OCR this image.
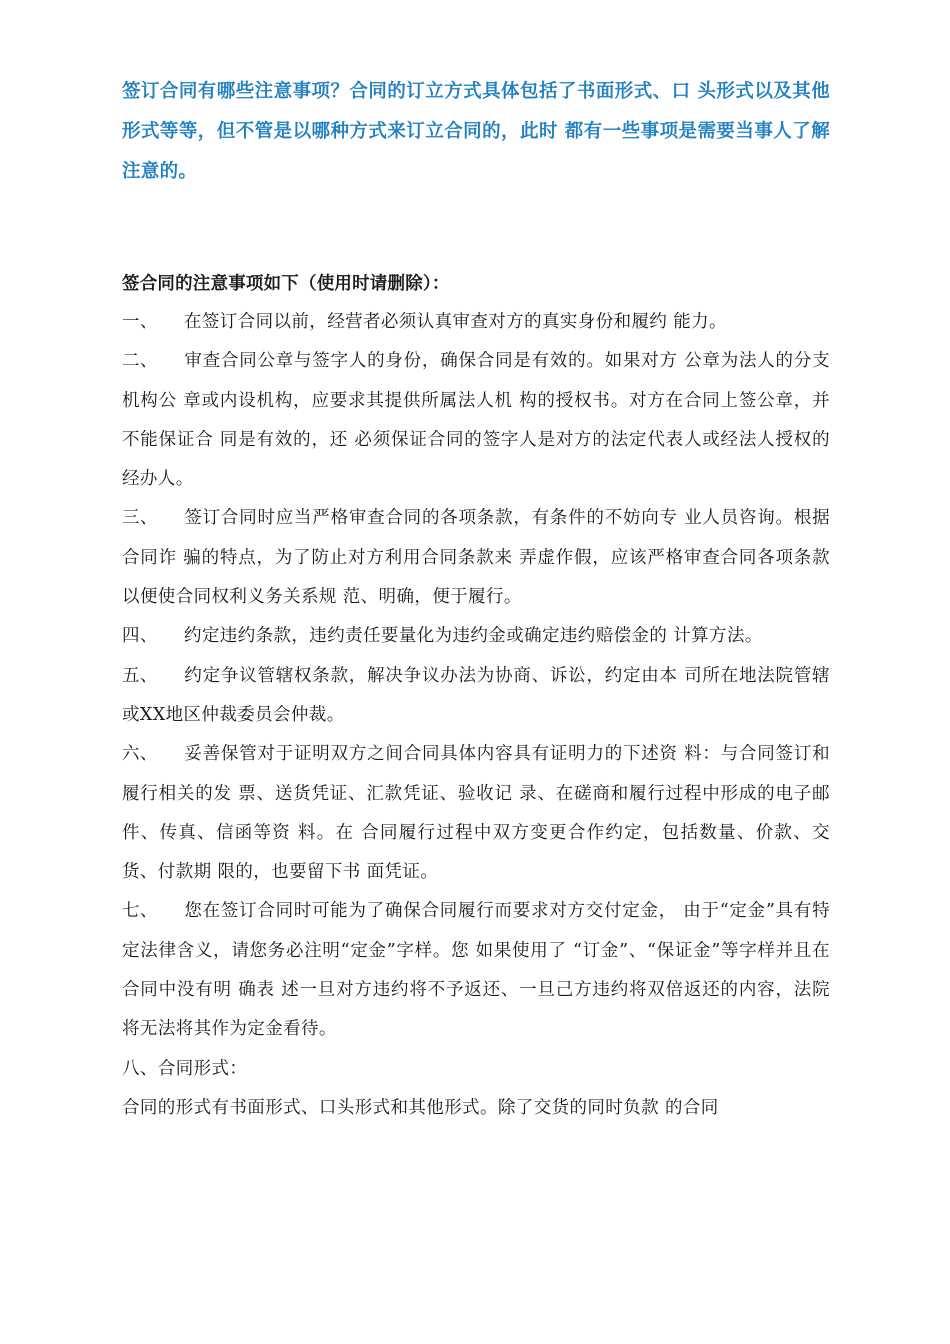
签订合同有哪些注意事项？合同的订立方式具体包括了书面形式、口 头形式以及其他形式等等，但不管是以哪种方式来订立合同的，此时 都有一些事项是需要当事人了解注意的。

签合同的注意事项如下（使用时请删除）：

一、 在签订合同以前，经营者必须认真审查对方的真实身份和履约 能力。

二、 审查合同公章与签字人的身份，确保合同是有效的。如果对方 公章为法人的分支机构公 章或内设机构，应要求其提供所属法人机 构的授权书。对方在合同上签公章，并不能保证合 同是有效的，还 必须保证合同的签字人是对方的法定代表人或经法人授权的经办人。

三、 签订合同时应当严格审查合同的各项条款，有条件的不妨向专 业人员咨询。根据合同诈 骗的特点，为了防止对方利用合同条款来 弄虚作假，应该严格审查合同各项条款以便使合同权利义务关系规 范、明确，便于履行。

四、 约定违约条款，违约责任要量化为违约金或确定违约赔偿金的 计算方法。

五、 约定争议管辖权条款，解决争议办法为协商、诉讼，约定由本 司所在地法院管辖或XX地区仲裁委员会仲裁。

六、 妥善保管对于证明双方之间合同具体内容具有证明力的下述资 料：与合同签订和履行相关的发 票、送货凭证、汇款凭证、验收记 录、在磋商和履行过程中形成的电子邮件、传真、信函等资 料。在 合同履行过程中双方变更合作约定，包括数量、价款、交货、付款期 限的，也要留下书 面凭证。

七、 您在签订合同时可能为了确保合同履行而要求对方交付定金， 由于“定金”具有特定法律含义，请您务必注明“定金”字样。您 如果使用了 “订金”、“保证金”等字样并且在合同中没有明 确表 述一旦对方违约将不予返还、一旦己方违约将双倍返还的内容，法院 将无法将其作为定金看待。

八、合同形式：

合同的形式有书面形式、口头形式和其他形式。除了交货的同时负款 的合同
